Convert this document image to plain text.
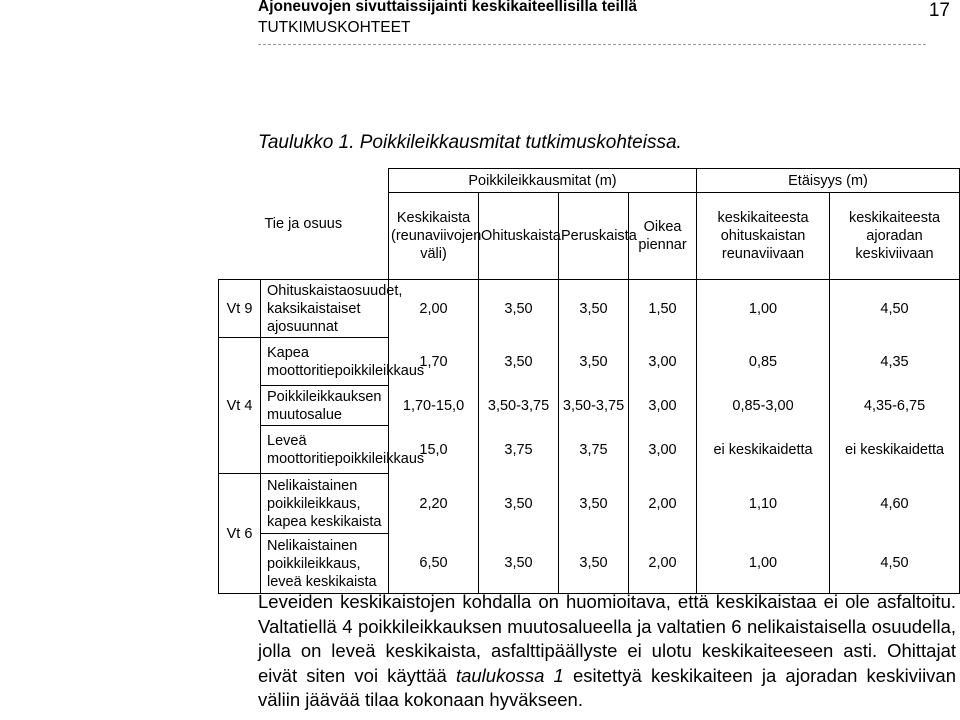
Ajoneuvojen sivuttaissijainti keskikaiteellisilla teillä
TUTKIMUSKOHTEET
17
Taulukko 1. Poikkileikkausmitat tutkimuskohteissa.
Tie ja osuus		Poikkileikkausmitat (m)				Etäisyys (m)	
		Keskikaista (reunaviivojen väli)	Ohituskaista	Peruskaista	Oikea piennar	keskikaiteesta ohituskaistan reunaviivaan	keskikaiteesta ajoradan keskiviivaan
Vt 9	Ohituskaistaosuudet, kaksikaistaiset ajosuunnat	2,00	3,50	3,50	1,50	1,00	4,50
Vt 4	Kapea moottoritiepoikkileikkaus	1,70	3,50	3,50	3,00	0,85	4,35
	Poikkileikkauksen muutosalue	1,70-15,0	3,50-3,75	3,50-3,75	3,00	0,85-3,00	4,35-6,75
	Leveä moottoritiepoikkileikkaus	15,0	3,75	3,75	3,00	ei keskikaidetta	ei keskikaidetta
Vt 6	Nelikaistainen poikkileikkaus, kapea keskikaista	2,20	3,50	3,50	2,00	1,10	4,60
	Nelikaistainen poikkileikkaus, leveä keskikaista	6,50	3,50	3,50	2,00	1,00	4,50
Leveiden keskikaistojen kohdalla on huomioitava, että keskikaistaa ei ole asfaltoitu. Valtatiellä 4 poikkileikkauksen muutosalueella ja valtatien 6 nelikaistaisella osuudella, jolla on leveä keskikaista, asfalttipäällyste ei ulotu keskikaiteeseen asti. Ohittajat eivät siten voi käyttää taulukossa 1 esitettyä keskikaiteen ja ajoradan keskiviivan väliin jäävää tilaa kokonaan hyväkseen.
